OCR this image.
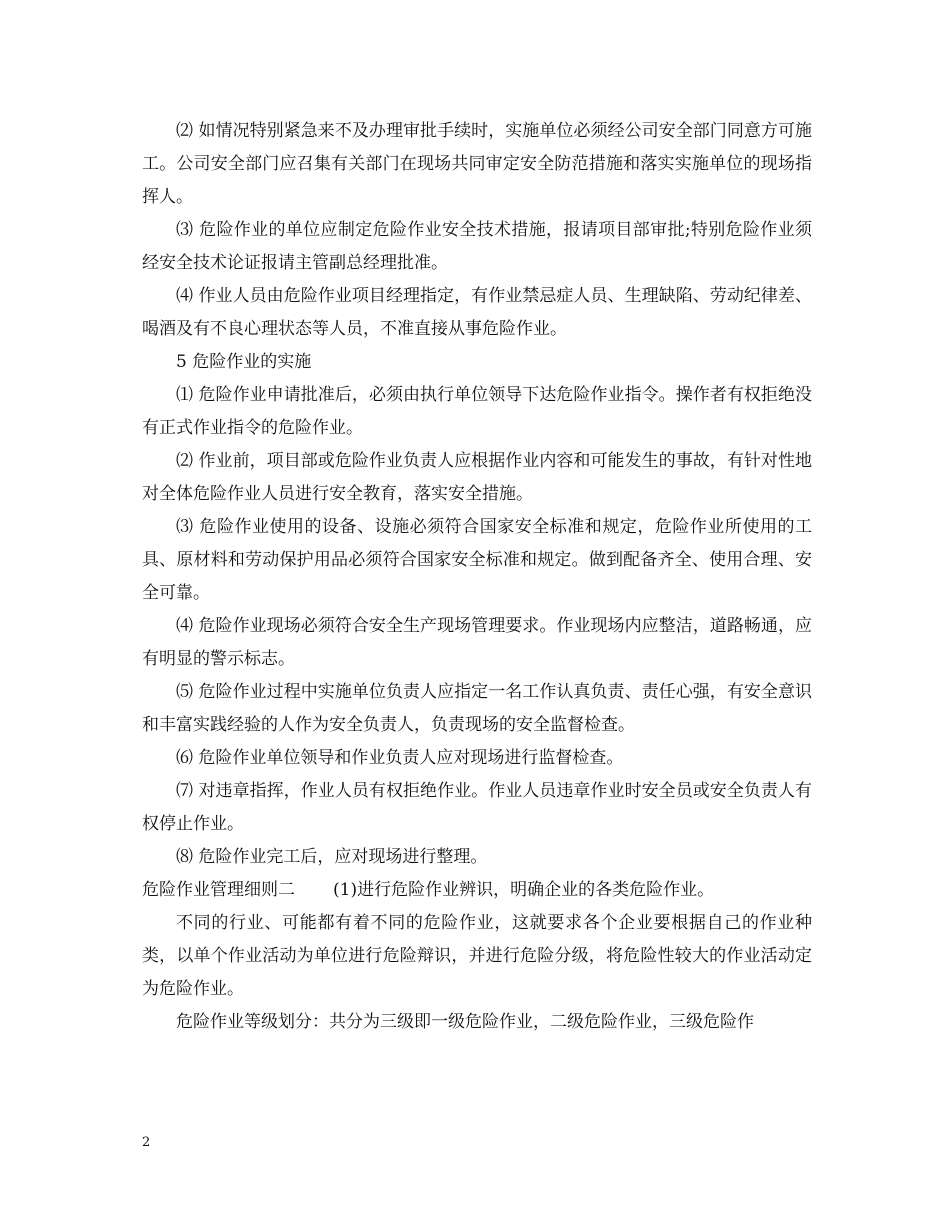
⑵ 如情况特别紧急来不及办理审批手续时，实施单位必须经公司安全部门同意方可施工。公司安全部门应召集有关部门在现场共同审定安全防范措施和落实实施单位的现场指挥人。

⑶ 危险作业的单位应制定危险作业安全技术措施，报请项目部审批;特别危险作业须经安全技术论证报请主管副总经理批准。

⑷ 作业人员由危险作业项目经理指定，有作业禁忌症人员、生理缺陷、劳动纪律差、喝酒及有不良心理状态等人员，不准直接从事危险作业。

5 危险作业的实施

⑴ 危险作业申请批准后，必须由执行单位领导下达危险作业指令。操作者有权拒绝没有正式作业指令的危险作业。

⑵ 作业前，项目部或危险作业负责人应根据作业内容和可能发生的事故，有针对性地对全体危险作业人员进行安全教育，落实安全措施。

⑶ 危险作业使用的设备、设施必须符合国家安全标准和规定，危险作业所使用的工具、原材料和劳动保护用品必须符合国家安全标准和规定。做到配备齐全、使用合理、安全可靠。

⑷ 危险作业现场必须符合安全生产现场管理要求。作业现场内应整洁，道路畅通，应有明显的警示标志。

⑸ 危险作业过程中实施单位负责人应指定一名工作认真负责、责任心强，有安全意识和丰富实践经验的人作为安全负责人，负责现场的安全监督检查。

⑹ 危险作业单位领导和作业负责人应对现场进行监督检查。

⑺ 对违章指挥，作业人员有权拒绝作业。作业人员违章作业时安全员或安全负责人有权停止作业。

⑻ 危险作业完工后，应对现场进行整理。

危险作业管理细则二 (1)进行危险作业辨识，明确企业的各类危险作业。

不同的行业、可能都有着不同的危险作业，这就要求各个企业要根据自己的作业种类，以单个作业活动为单位进行危险辩识，并进行危险分级，将危险性较大的作业活动定为危险作业。

危险作业等级划分：共分为三级即一级危险作业，二级危险作业，三级危险作

2
